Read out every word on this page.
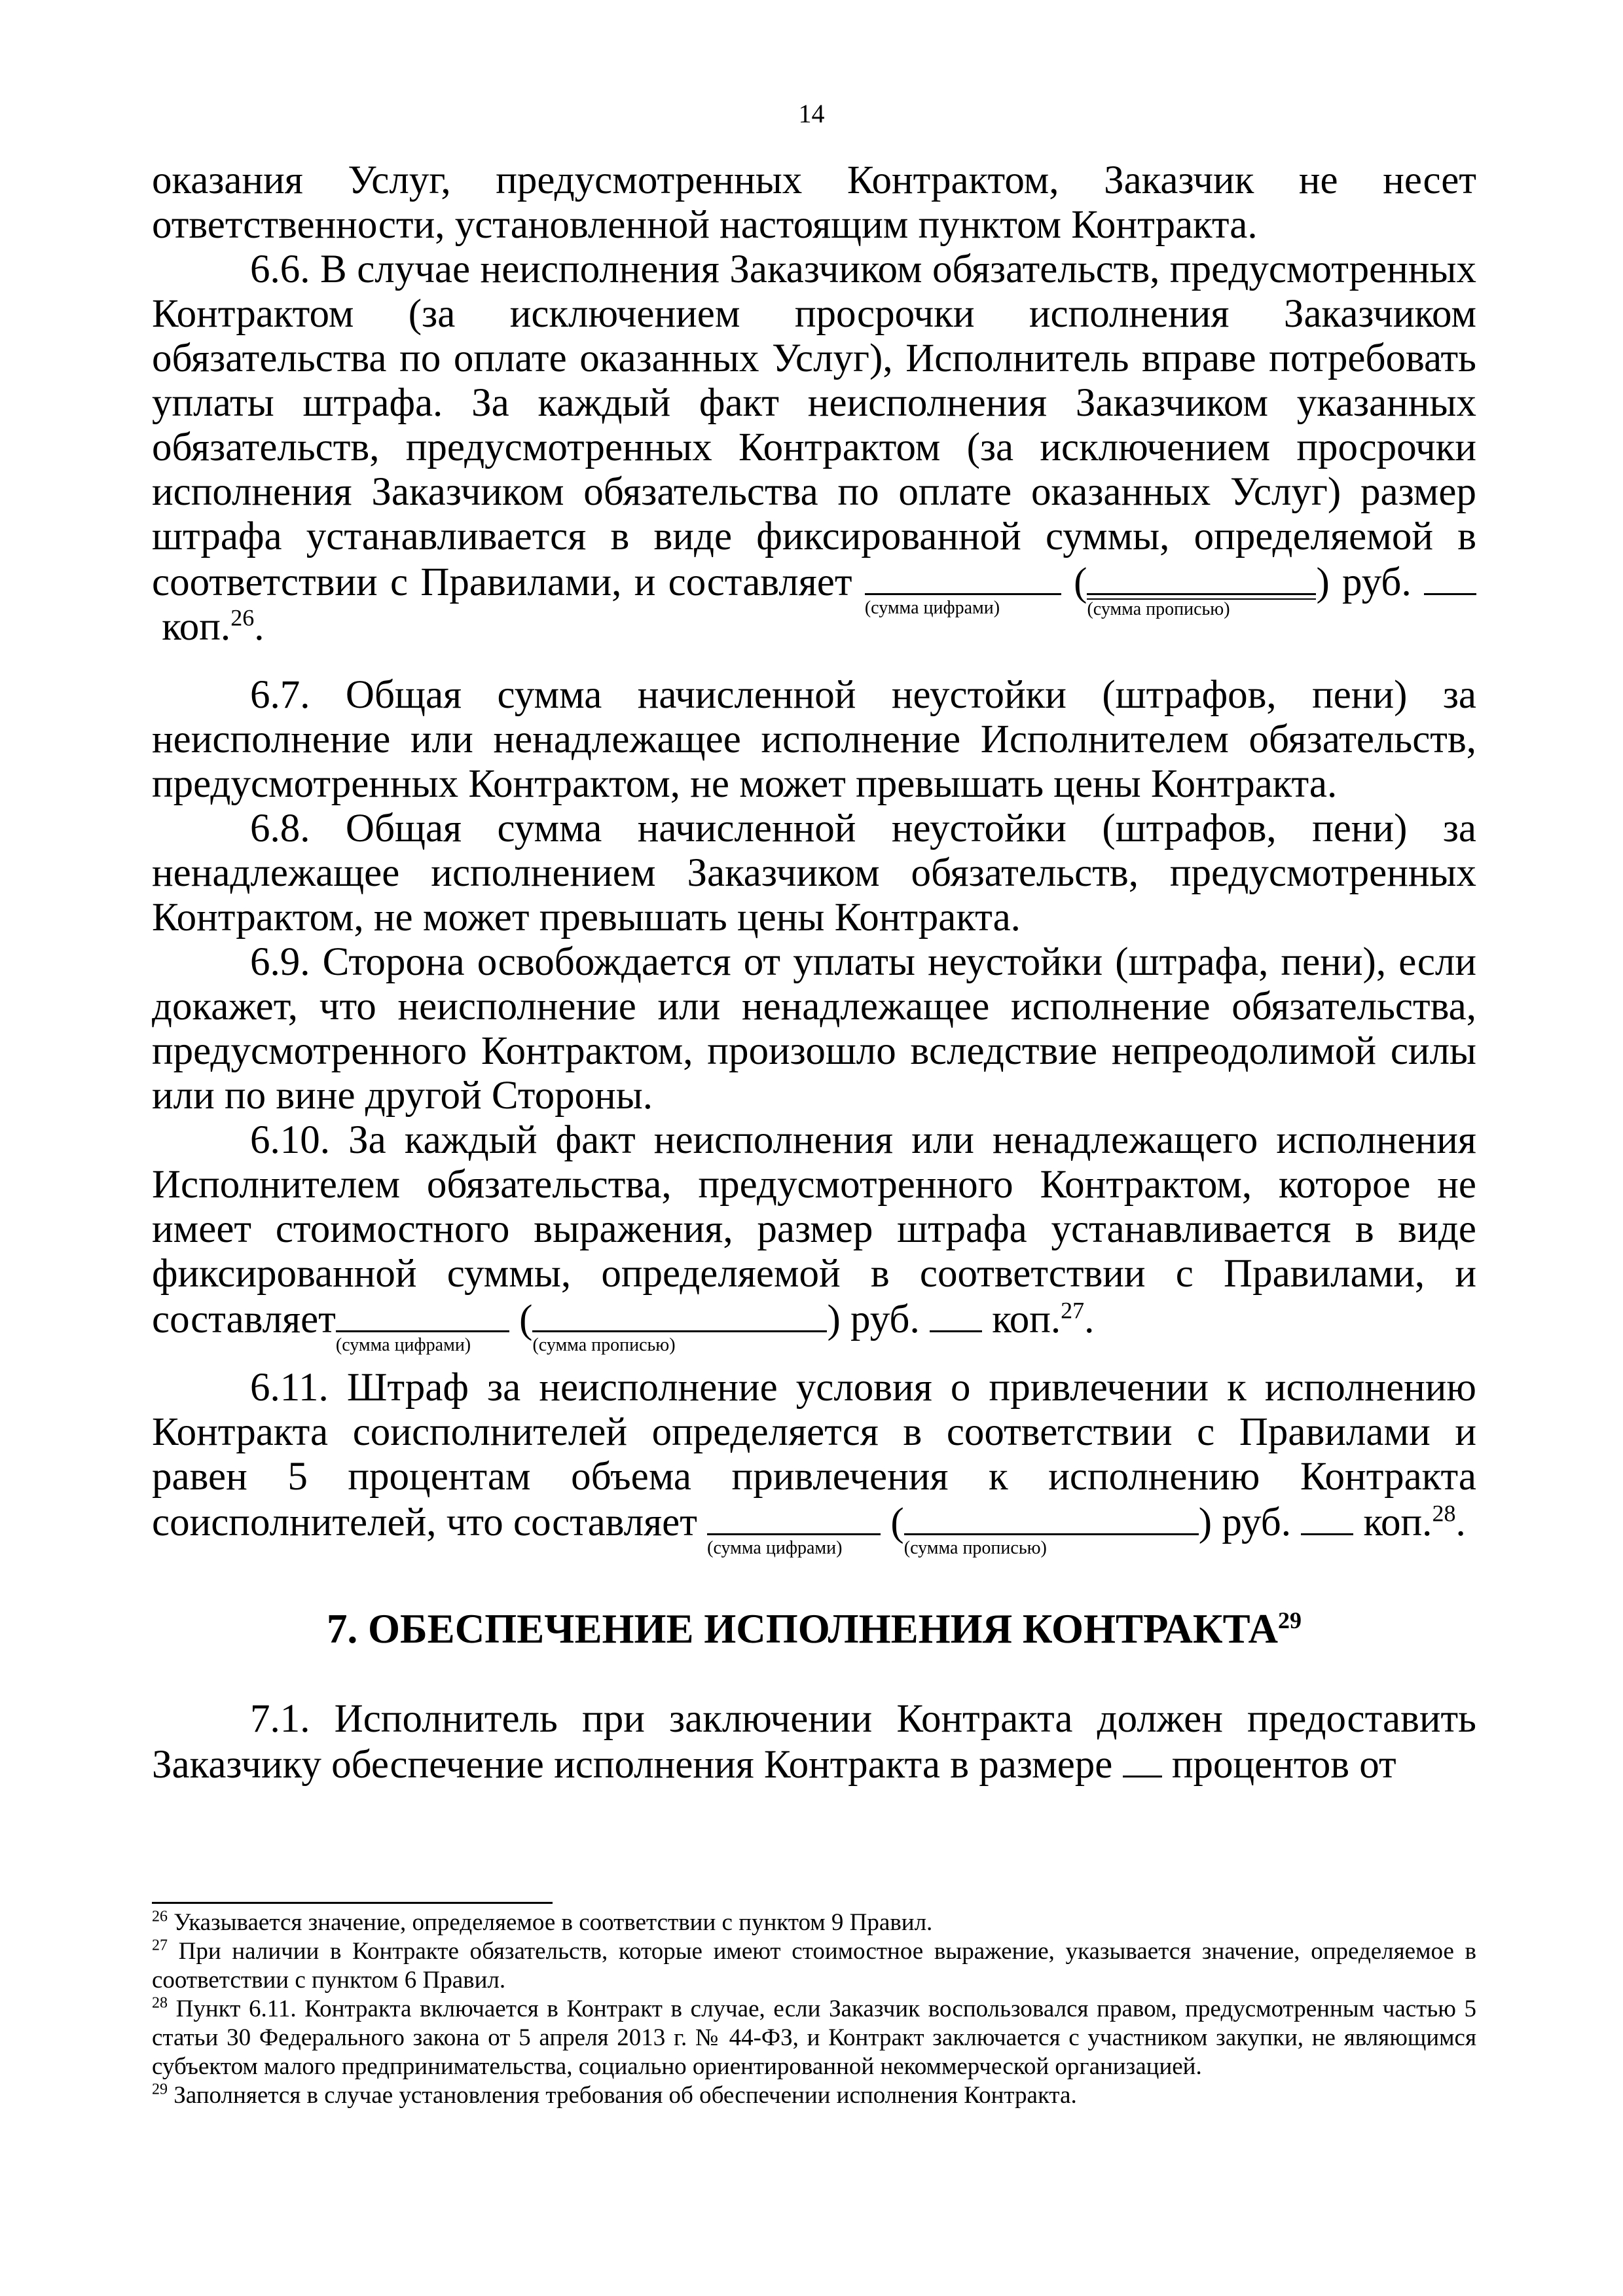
14

оказания Услуг, предусмотренных Контрактом, Заказчик не несет ответственности, установленной настоящим пунктом Контракта.

6.6. В случае неисполнения Заказчиком обязательств, предусмотренных Контрактом (за исключением просрочки исполнения Заказчиком обязательства по оплате оказанных Услуг), Исполнитель вправе потребовать уплаты штрафа. За каждый факт неисполнения Заказчиком указанных обязательств, предусмотренных Контрактом (за исключением просрочки исполнения Заказчиком обязательства по оплате оказанных Услуг) размер штрафа устанавливается в виде фиксированной суммы, определяемой в соответствии с Правилами, и составляет
(сумма цифрами)
(
(сумма прописью)
) руб.  коп.$^{26}$.

6.7. Общая сумма начисленной неустойки (штрафов, пени) за неисполнение или ненадлежащее исполнение Исполнителем обязательств, предусмотренных Контрактом, не может превышать цены Контракта.

6.8. Общая сумма начисленной неустойки (штрафов, пени) за ненадлежащее исполнением Заказчиком обязательств, предусмотренных Контрактом, не может превышать цены Контракта.

6.9. Сторона освобождается от уплаты неустойки (штрафа, пени), если докажет, что неисполнение или ненадлежащее исполнение обязательства, предусмотренного Контрактом, произошло вследствие непреодолимой силы или по вине другой Стороны.

6.10. За каждый факт неисполнения или ненадлежащего исполнения Исполнителем обязательства, предусмотренного Контрактом, которое не имеет стоимостного выражения, размер штрафа устанавливается в виде фиксированной суммы, определяемой в соответствии с Правилами, и составляет
(сумма цифрами)
(
(сумма прописью)
) руб. коп.$^{27}$.

6.11. Штраф за неисполнение условия о привлечении к исполнению Контракта соисполнителей определяется в соответствии с Правилами и равен 5 процентам объема привлечения к исполнению Контракта соисполнителей, что составляет
(сумма цифрами)
(
(сумма прописью)
) руб. коп.$^{28}$.

7. ОБЕСПЕЧЕНИЕ ИСПОЛНЕНИЯ КОНТРАКТА$^{29}$

7.1. Исполнитель при заключении Контракта должен предоставить Заказчику обеспечение исполнения Контракта в размере процентов от

$^{26}$ Указывается значение, определяемое в соответствии с пунктом 9 Правил.

$^{27}$ При наличии в Контракте обязательств, которые имеют стоимостное выражение, указывается значение, определяемое в соответствии с пунктом 6 Правил.

$^{28}$ Пункт 6.11. Контракта включается в Контракт в случае, если Заказчик воспользовался правом, предусмотренным частью 5 статьи 30 Федерального закона от 5 апреля 2013 г. № 44-ФЗ, и Контракт заключается с участником закупки, не являющимся субъектом малого предпринимательства, социально ориентированной некоммерческой организацией.

$^{29}$ Заполняется в случае установления требования об обеспечении исполнения Контракта.
